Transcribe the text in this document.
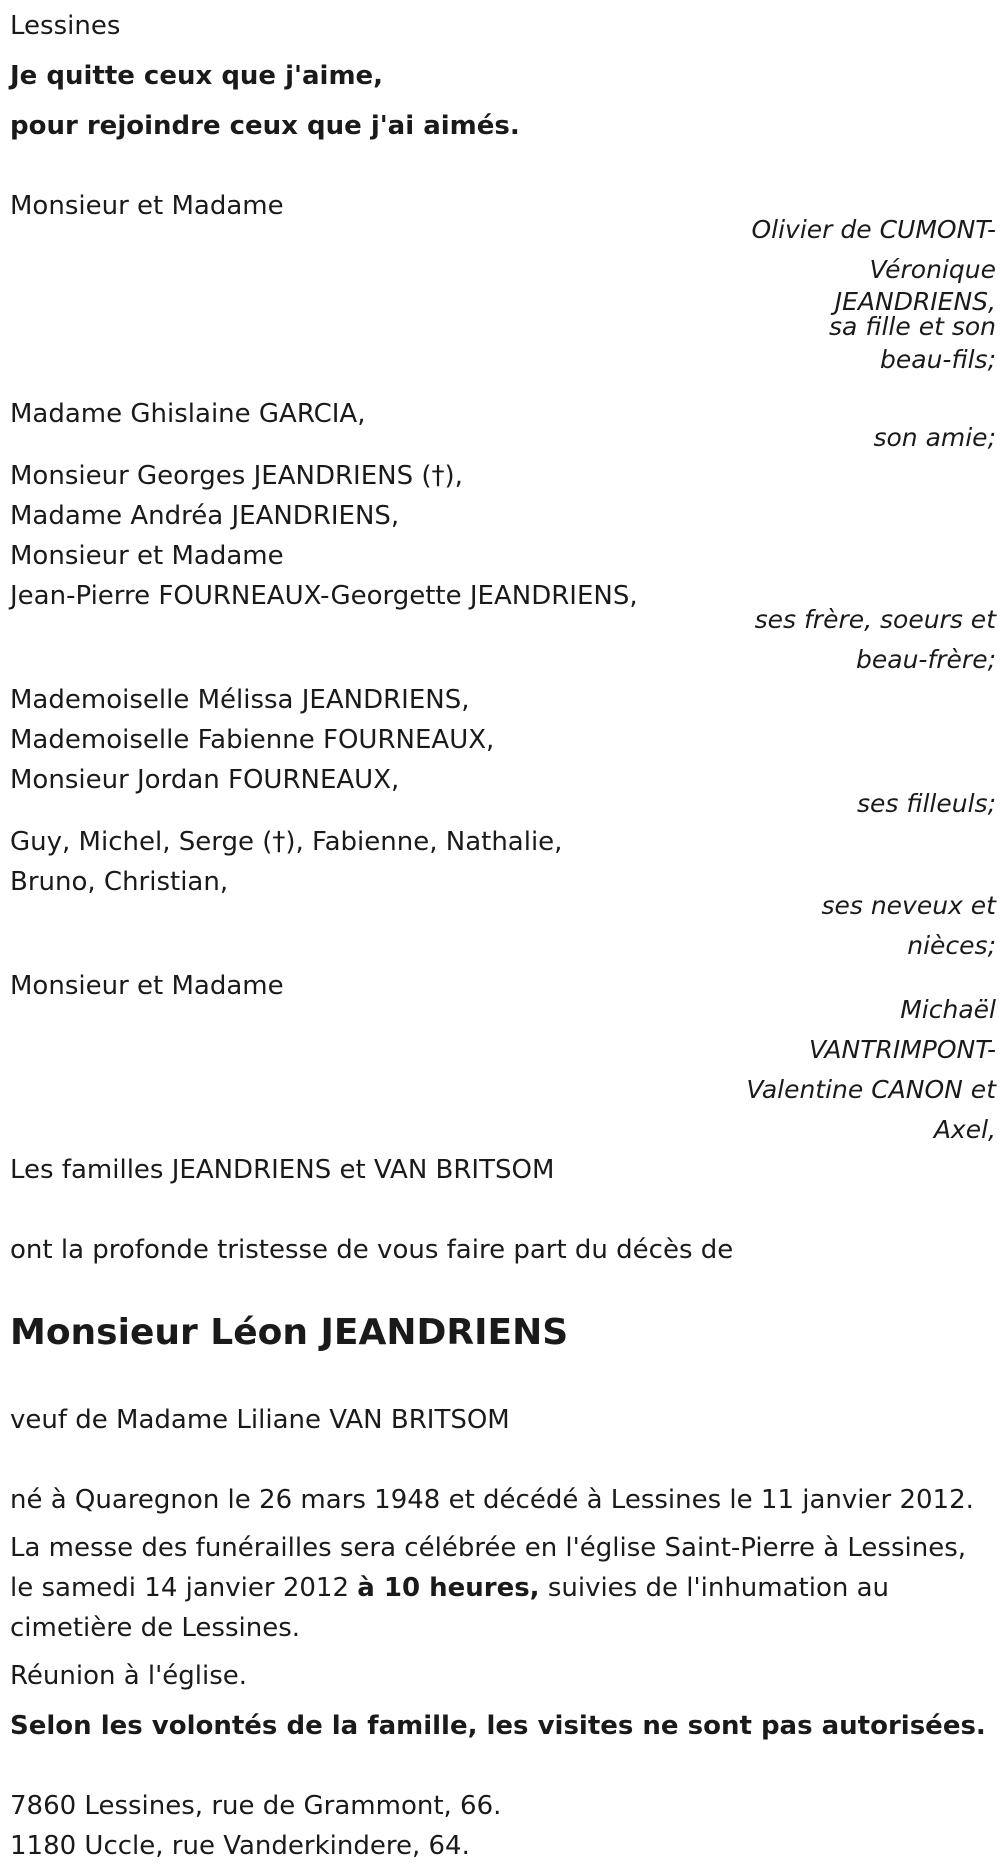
Lessines
Je quitte ceux que j'aime,
pour rejoindre ceux que j'ai aimés.
Monsieur et Madame
Olivier de CUMONT-
Véronique
JEANDRIENS,
sa fille et son
beau-fils;
Madame Ghislaine GARCIA,
son amie;
Monsieur Georges JEANDRIENS (†),
Madame Andréa JEANDRIENS,
Monsieur et Madame
Jean-Pierre FOURNEAUX-Georgette JEANDRIENS,
ses frère, soeurs et
beau-frère;
Mademoiselle Mélissa JEANDRIENS,
Mademoiselle Fabienne FOURNEAUX,
Monsieur Jordan FOURNEAUX,
ses filleuls;
Guy, Michel, Serge (†), Fabienne, Nathalie,
Bruno, Christian,
ses neveux et
nièces;
Monsieur et Madame
Michaël
VANTRIMPONT-
Valentine CANON et
Axel,
Les familles JEANDRIENS et VAN BRITSOM
ont la profonde tristesse de vous faire part du décès de
Monsieur Léon JEANDRIENS
veuf de Madame Liliane VAN BRITSOM
né à Quaregnon le 26 mars 1948 et décédé à Lessines le 11 janvier 2012.
La messe des funérailles sera célébrée en l'église Saint-Pierre à Lessines,
le samedi 14 janvier 2012 à 10 heures, suivies de l'inhumation au
cimetière de Lessines.
Réunion à l'église.
Selon les volontés de la famille, les visites ne sont pas autorisées.
7860 Lessines, rue de Grammont, 66.
1180 Uccle, rue Vanderkindere, 64.
